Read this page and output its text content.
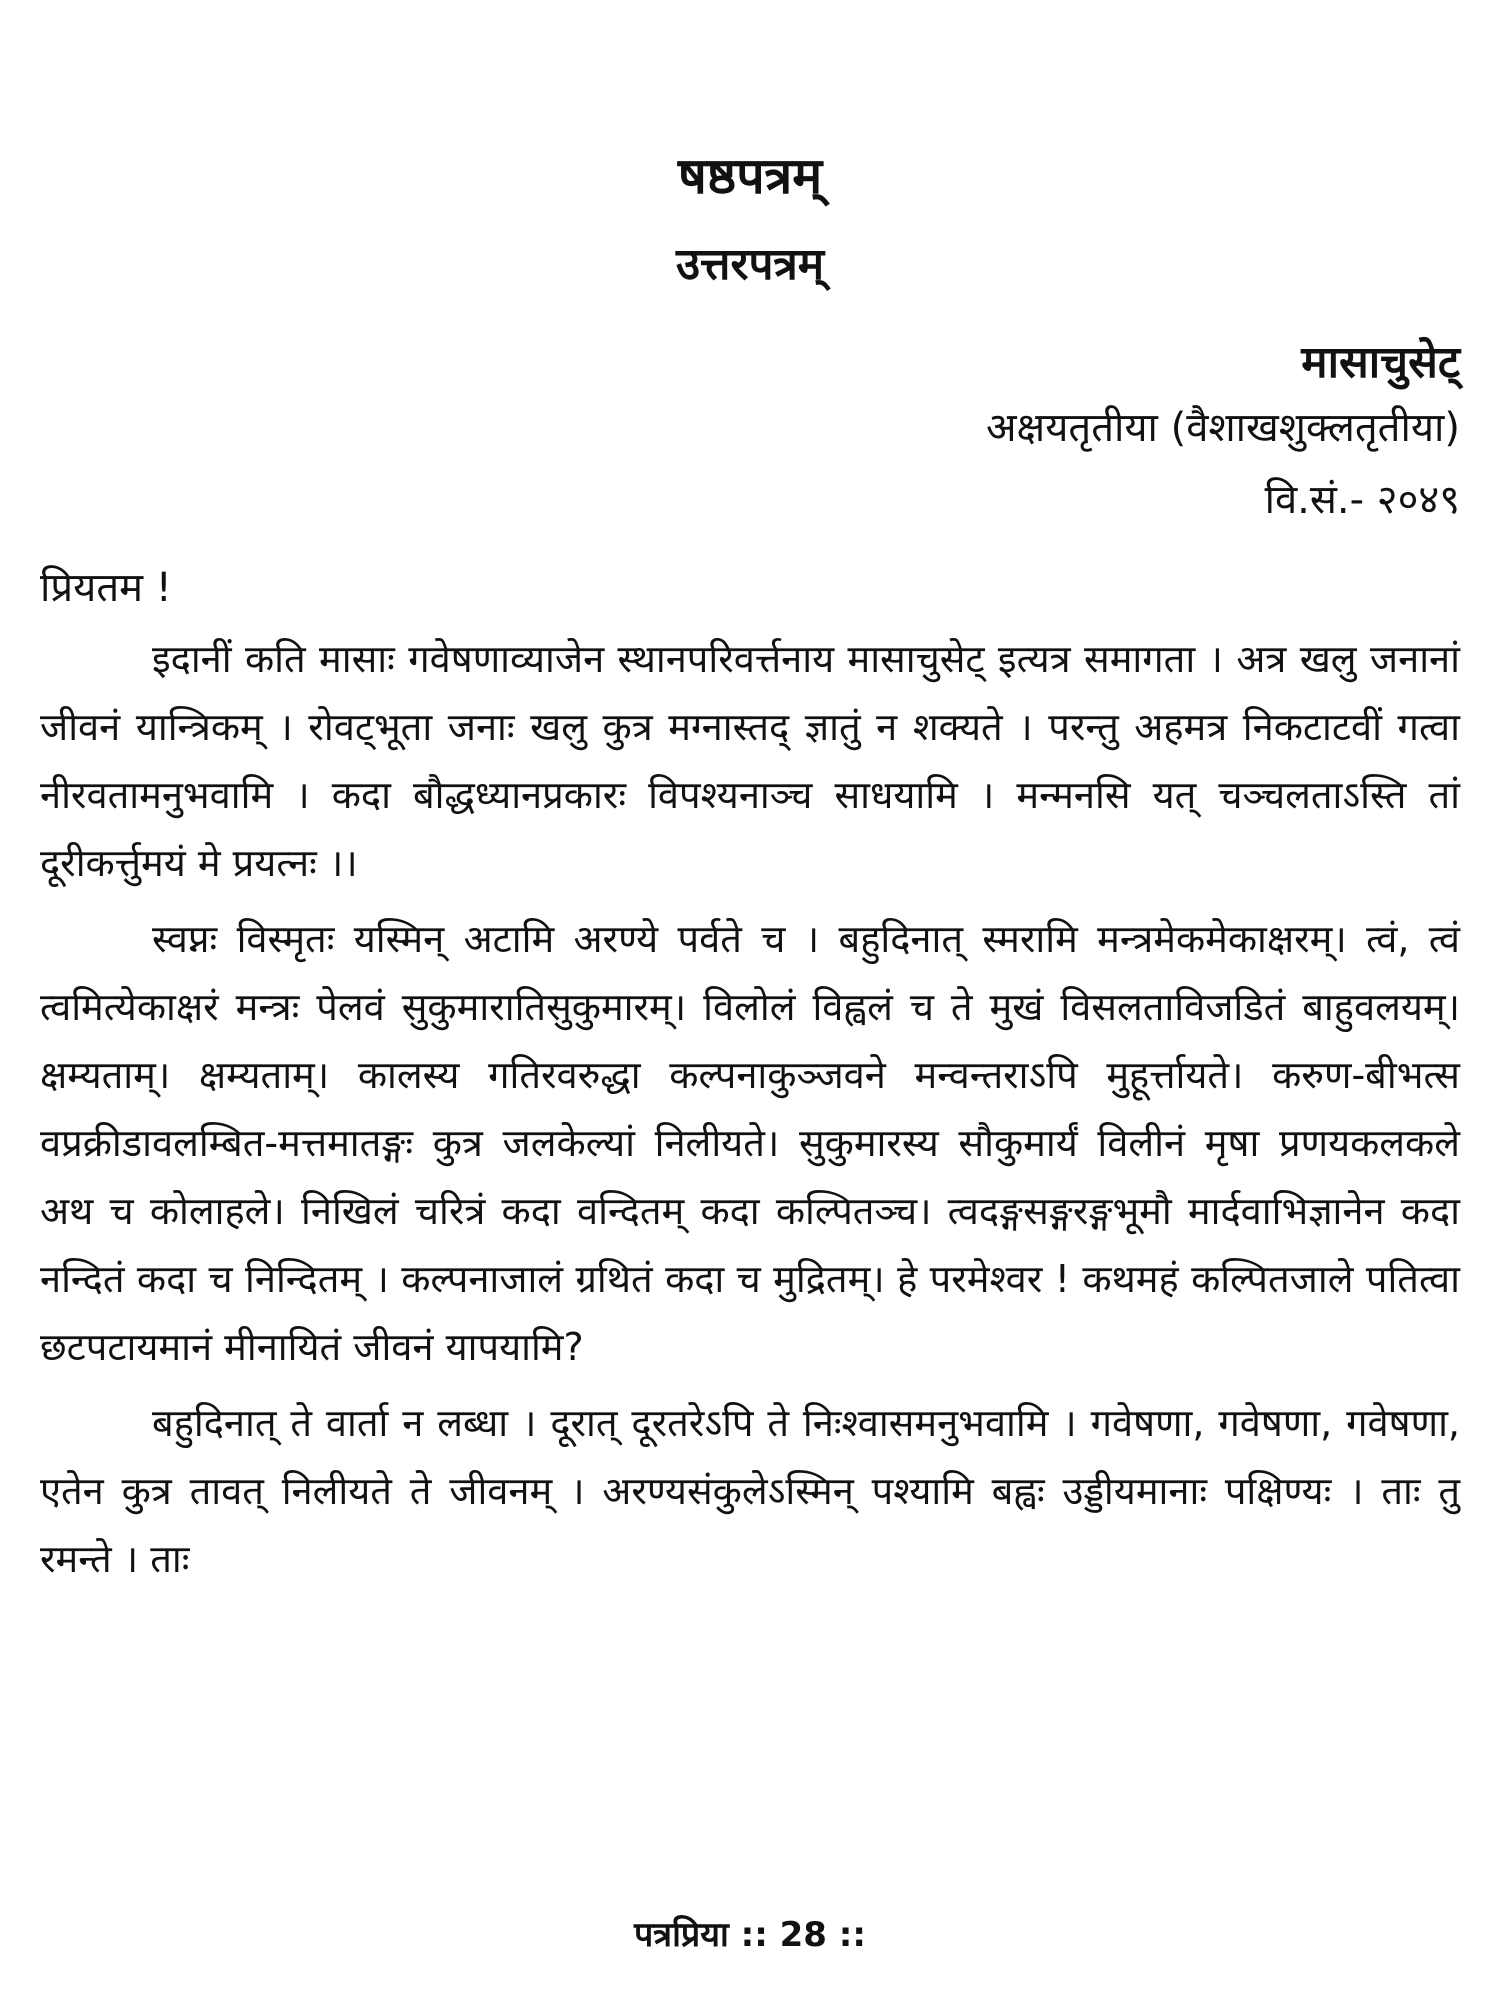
षष्ठपत्रम्
उत्तरपत्रम्
मासाचुसेट्
अक्षयतृतीया (वैशाखशुक्लतृतीया)
वि.सं.- २०४९
प्रियतम !

इदानीं कति मासाः गवेषणाव्याजेन स्थानपरिवर्त्तनाय मासाचुसेट् इत्यत्र समागता । अत्र खलु जनानां जीवनं यान्त्रिकम् । रोवट्भूता जनाः खलु कुत्र मग्नास्तद् ज्ञातुं न शक्यते । परन्तु अहमत्र निकटाटवीं गत्वा नीरवतामनुभवामि । कदा बौद्धध्यानप्रकारः विपश्यनाञ्च साधयामि । मन्मनसि यत् चञ्चलताऽस्ति तां दूरीकर्त्तुमयं मे प्रयत्नः ।।

स्वप्नः विस्मृतः यस्मिन् अटामि अरण्ये पर्वते च । बहुदिनात् स्मरामि मन्त्रमेकमेकाक्षरम्। त्वं, त्वं त्वमित्येकाक्षरं मन्त्रः पेलवं सुकुमारातिसुकुमारम्। विलोलं विह्वलं च ते मुखं विसलताविजडितं बाहुवलयम्। क्षम्यताम्। क्षम्यताम्। कालस्य गतिरवरुद्धा कल्पनाकुञ्जवने मन्वन्तराऽपि मुहूर्त्तायते। करुण-बीभत्स वप्रक्रीडावलम्बित-मत्तमातङ्गः कुत्र जलकेल्यां निलीयते। सुकुमारस्य सौकुमार्यं विलीनं मृषा प्रणयकलकले अथ च कोलाहले। निखिलं चरित्रं कदा वन्दितम् कदा कल्पितञ्च। त्वदङ्गसङ्गरङ्गभूमौ मार्दवाभिज्ञानेन कदा नन्दितं कदा च निन्दितम् । कल्पनाजालं ग्रथितं कदा च मुद्रितम्। हे परमेश्वर ! कथमहं कल्पितजाले पतित्वा छटपटायमानं मीनायितं जीवनं यापयामि?

बहुदिनात् ते वार्ता न लब्धा । दूरात् दूरतरेऽपि ते निःश्वासमनुभवामि । गवेषणा, गवेषणा, गवेषणा, एतेन कुत्र तावत् निलीयते ते जीवनम् । अरण्यसंकुलेऽस्मिन् पश्यामि बह्वः उड्डीयमानाः पक्षिण्यः । ताः तु रमन्ते । ताः

पत्रप्रिया :: 28 ::
